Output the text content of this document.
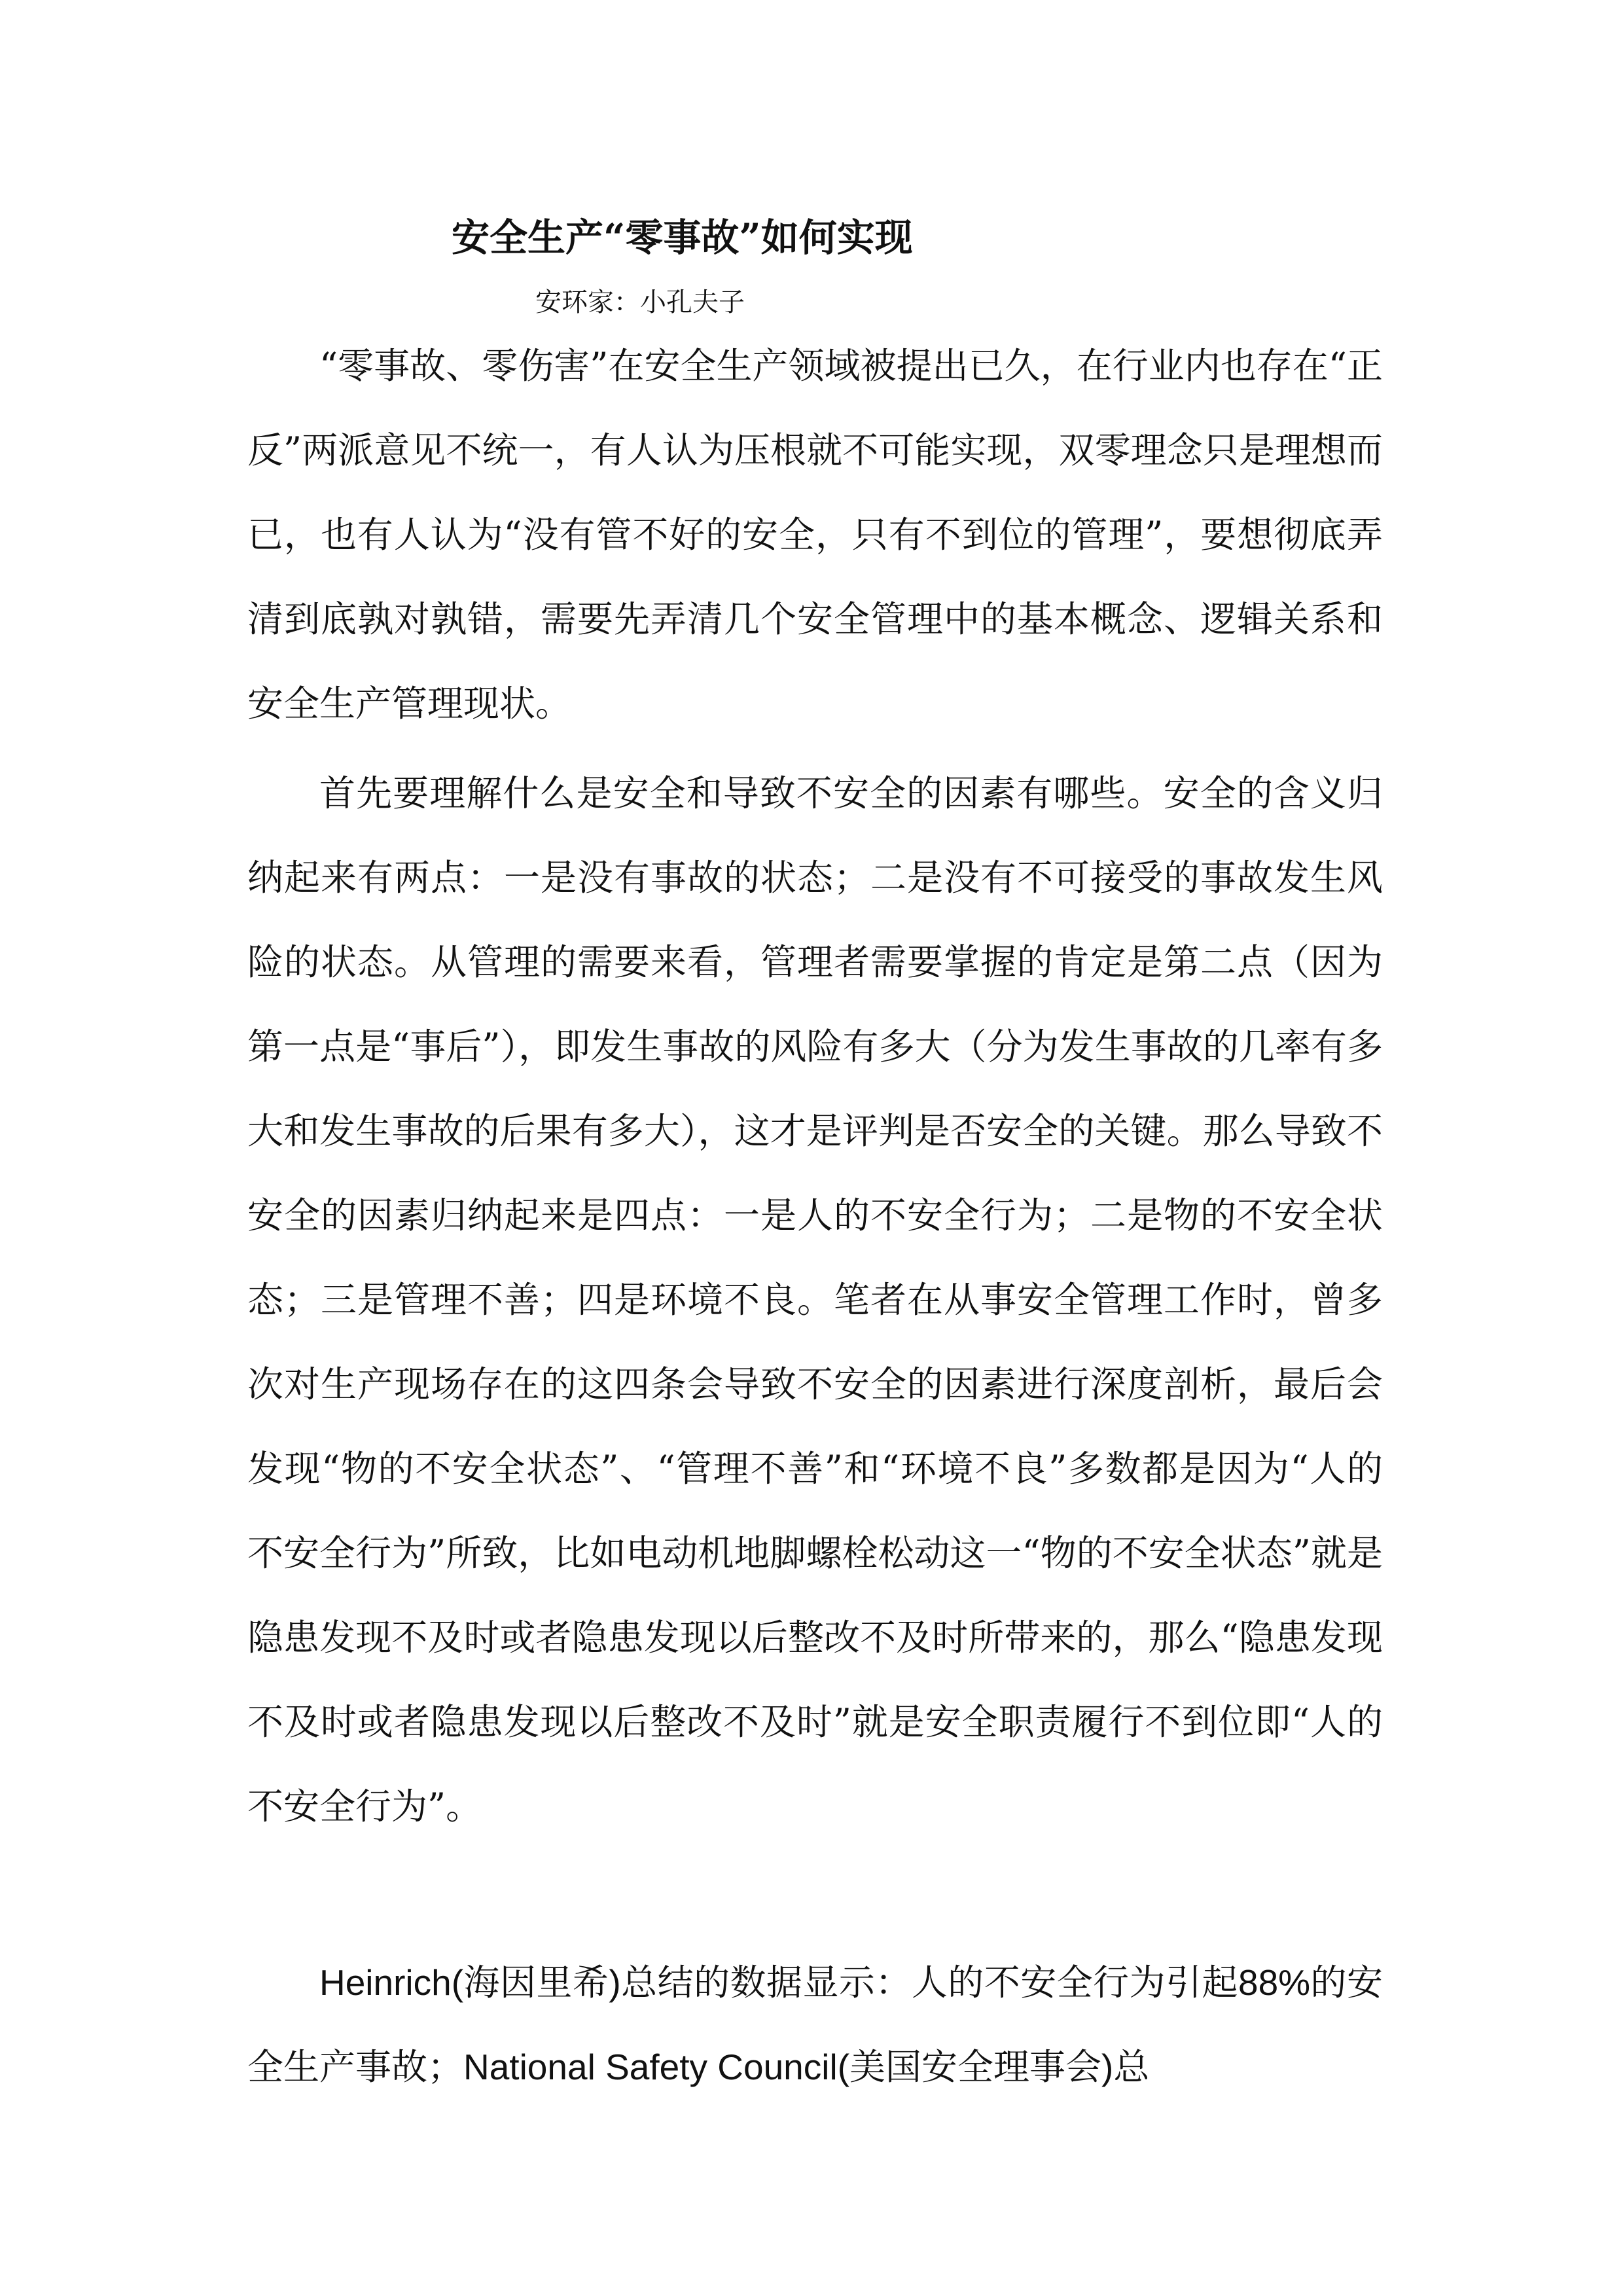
安全生产“零事故”如何实现

安环家：小孔夫子

“零事故、零伤害”在安全生产领域被提出已久，在行业内也存在“正反”两派意见不统一，有人认为压根就不可能实现，双零理念只是理想而已，也有人认为“没有管不好的安全，只有不到位的管理”，要想彻底弄清到底孰对孰错，需要先弄清几个安全管理中的基本概念、逻辑关系和安全生产管理现状。

首先要理解什么是安全和导致不安全的因素有哪些。安全的含义归纳起来有两点：一是没有事故的状态；二是没有不可接受的事故发生风险的状态。从管理的需要来看，管理者需要掌握的肯定是第二点（因为第一点是“事后”），即发生事故的风险有多大（分为发生事故的几率有多大和发生事故的后果有多大），这才是评判是否安全的关键。那么导致不安全的因素归纳起来是四点：一是人的不安全行为；二是物的不安全状态；三是管理不善；四是环境不良。笔者在从事安全管理工作时，曾多次对生产现场存在的这四条会导致不安全的因素进行深度剖析，最后会发现“物的不安全状态”、“管理不善”和“环境不良”多数都是因为“人的不安全行为”所致，比如电动机地脚螺栓松动这一“物的不安全状态”就是隐患发现不及时或者隐患发现以后整改不及时所带来的，那么“隐患发现不及时或者隐患发现以后整改不及时”就是安全职责履行不到位即“人的不安全行为”。

Heinrich(海因里希)总结的数据显示：人的不安全行为引起88%的安全生产事故；National Safety Council(美国安全理事会)总
